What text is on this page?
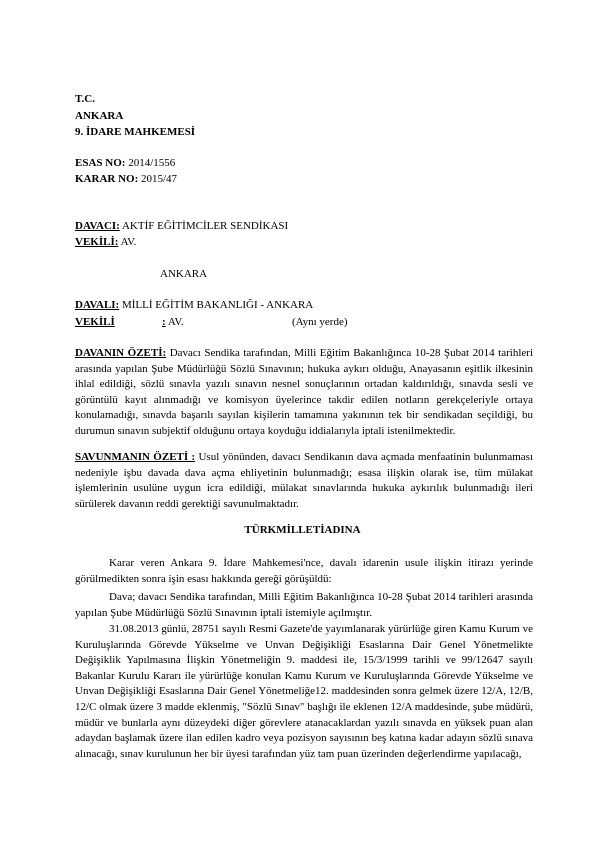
T.C.
ANKARA
9. İDARE MAHKEMESİ
ESAS NO: 2014/1556
KARAR NO: 2015/47
DAVACI: AKTİF EĞİTİMCİLER SENDİKASI
VEKİLİ: AV.
ANKARA
DAVALI: MİLLİ EĞİTİM BAKANLIĞI - ANKARA
VEKİLİ	: AV.	(Aynı yerde)

DAVANIN ÖZETİ: Davacı Sendika tarafından, Milli Eğitim Bakanlığınca 10-28 Şubat 2014 tarihleri arasında yapılan Şube Müdürlüğü Sözlü Sınavının; hukuka aykırı olduğu, Anayasanın eşitlik ilkesinin ihlal edildiği, sözlü sınavla yazılı sınavın nesnel sonuçlarının ortadan kaldırıldığı, sınavda sesli ve görüntülü kayıt alınmadığı ve komisyon üyelerince takdir edilen notların gerekçeleriyle ortaya konulamadığı, sınavda başarılı sayılan kişilerin tamamına yakınının tek bir sendikadan seçildiği, bu durumun sınavın subjektif olduğunu ortaya koyduğu iddialarıyla iptali istenilmektedir.

SAVUNMANIN ÖZETİ : Usul yönünden, davacı Sendikanın dava açmada menfaatinin bulunmaması nedeniyle işbu davada dava açma ehliyetinin bulunmadığı; esasa ilişkin olarak ise, tüm mülakat işlemlerinin usulüne uygun icra edildiği, mülakat sınavlarında hukuka aykırılık bulunmadığı ileri sürülerek davanın reddi gerektiği savunulmaktadır.

TÜRKMİLLETİADINA

Karar veren Ankara 9. İdare Mahkemesi'nce, davalı idarenin usule ilişkin itirazı yerinde görülmedikten sonra işin esası hakkında gereği görüşüldü:

Dava; davacı Sendika tarafından, Milli Eğitim Bakanlığınca 10-28 Şubat 2014 tarihleri arasında yapılan Şube Müdürlüğü Sözlü Sınavının iptali istemiyle açılmıştır.

31.08.2013 günlü, 28751 sayılı Resmi Gazete'de yayımlanarak yürürlüğe giren Kamu Kurum ve Kuruluşlarında Görevde Yükselme ve Unvan Değişikliği Esaslarına Dair Genel Yönetmelikte Değişiklik Yapılmasına İlişkin Yönetmeliğin 9. maddesi ile, 15/3/1999 tarihli ve 99/12647 sayılı Bakanlar Kurulu Kararı ile yürürlüğe konulan Kamu Kurum ve Kuruluşlarında Görevde Yükselme ve Unvan Değişikliği Esaslarına Dair Genel Yönetmeliğe12. maddesinden sonra gelmek üzere 12/A, 12/B, 12/C olmak üzere 3 madde eklenmiş, "Sözlü Sınav" başlığı ile eklenen 12/A maddesinde, şube müdürü, müdür ve bunlarla aynı düzeydeki diğer görevlere atanacaklardan yazılı sınavda en yüksek puan alan adaydan başlamak üzere ilan edilen kadro veya pozisyon sayısının beş katına kadar adayın sözlü sınava alınacağı, sınav kurulunun her bir üyesi tarafından yüz tam puan üzerinden değerlendirme yapılacağı,
